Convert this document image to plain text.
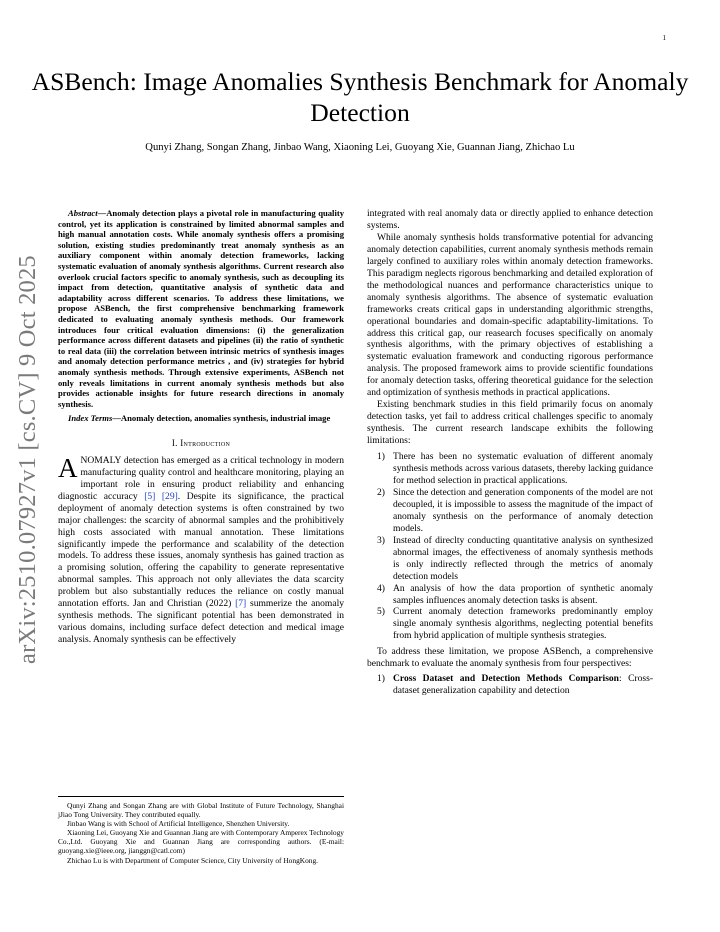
1
arXiv:2510.07927v1 [cs.CV] 9 Oct 2025
ASBench: Image Anomalies Synthesis Benchmark for Anomaly Detection
Qunyi Zhang, Songan Zhang, Jinbao Wang, Xiaoning Lei, Guoyang Xie, Guannan Jiang, Zhichao Lu

Abstract—Anomaly detection plays a pivotal role in manufacturing quality control, yet its application is constrained by limited abnormal samples and high manual annotation costs. While anomaly synthesis offers a promising solution, existing studies predominantly treat anomaly synthesis as an auxiliary component within anomaly detection frameworks, lacking systematic evaluation of anomaly synthesis algorithms. Current research also overlook crucial factors specific to anomaly synthesis, such as decoupling its impact from detection, quantitative analysis of synthetic data and adaptability across different scenarios. To address these limitations, we propose ASBench, the first comprehensive benchmarking framework dedicated to evaluating anomaly synthesis methods. Our framework introduces four critical evaluation dimensions: (i) the generalization performance across different datasets and pipelines (ii) the ratio of synthetic to real data (iii) the correlation between intrinsic metrics of synthesis images and anomaly detection performance metrics , and (iv) strategies for hybrid anomaly synthesis methods. Through extensive experiments, ASBench not only reveals limitations in current anomaly synthesis methods but also provides actionable insights for future research directions in anomaly synthesis.

Index Terms—Anomaly detection, anomalies synthesis, industrial image

I. Introduction

ANOMALY detection has emerged as a critical technology in modern manufacturing quality control and healthcare monitoring, playing an important role in ensuring product reliability and enhancing diagnostic accuracy [5] [29]. Despite its significance, the practical deployment of anomaly detection systems is often constrained by two major challenges: the scarcity of abnormal samples and the prohibitively high costs associated with manual annotation. These limitations significantly impede the performance and scalability of the detection models. To address these issues, anomaly synthesis has gained traction as a promising solution, offering the capability to generate representative abnormal samples. This approach not only alleviates the data scarcity problem but also substantially reduces the reliance on costly manual annotation efforts. Jan and Christian (2022) [7] summerize the anomaly synthesis methods. The significant potential has been demonstrated in various domains, including surface defect detection and medical image analysis. Anomaly synthesis can be effectively

Qunyi Zhang and Songan Zhang are with Global Institute of Future Technology, Shanghai jJiao Tong University. They contributed equally.

Jinbao Wang is with School of Artificial Intelligence, Shenzhen University.

Xiaoning Lei, Guoyang Xie and Guannan Jiang are with Contemporary Amperex Technology Co.,Ltd. Guoyang Xie and Guannan Jiang are corresponding authors. (E-mail: guoyang.xie@ieee.org, jianggn@catl.com)

Zhichao Lu is with Department of Computer Science, City University of HongKong.

integrated with real anomaly data or directly applied to enhance detection systems.

While anomaly synthesis holds transformative potential for advancing anomaly detection capabilities, current anomaly synthesis methods remain largely confined to auxiliary roles within anomaly detection frameworks. This paradigm neglects rigorous benchmarking and detailed exploration of the methodological nuances and performance characteristics unique to anomaly synthesis algorithms. The absence of systematic evaluation frameworks creats critical gaps in understanding algorithmic strengths, operational boundaries and domain-specific adaptability-limitations. To address this critical gap, our reasearch focuses specifically on anomaly synthesis algorithms, with the primary objectives of establishing a systematic evaluation framework and conducting rigorous performance analysis. The proposed framework aims to provide scientific foundations for anomaly detection tasks, offering theoretical guidance for the selection and optimization of synthesis methods in practical applications.

Existing benchmark studies in this field primarily focus on anomaly detection tasks, yet fail to address critical challenges specific to anomaly synthesis. The current research landscape exhibits the following limitations:

1) There has been no systematic evaluation of different anomaly synthesis methods across various datasets, thereby lacking guidance for method selection in practical applications.
2) Since the detection and generation components of the model are not decoupled, it is impossible to assess the magnitude of the impact of anomaly synthesis on the performance of anomaly detection models.
3) Instead of direclty conducting quantitative analysis on synthesized abnormal images, the effectiveness of anomaly synthesis methods is only indirectly reflected through the metrics of anomaly detection models
4) An analysis of how the data proportion of synthetic anomaly samples influences anomaly detection tasks is absent.
5) Current anomaly detection frameworks predominantly employ single anomaly synthesis algorithms, neglecting potential benefits from hybrid application of multiple synthesis strategies.

To address these limitation, we propose ASBench, a comprehensive benchmark to evaluate the anomaly synthesis from four perspectives:

1) Cross Dataset and Detection Methods Comparison: Cross-dataset generalization capability and detection
